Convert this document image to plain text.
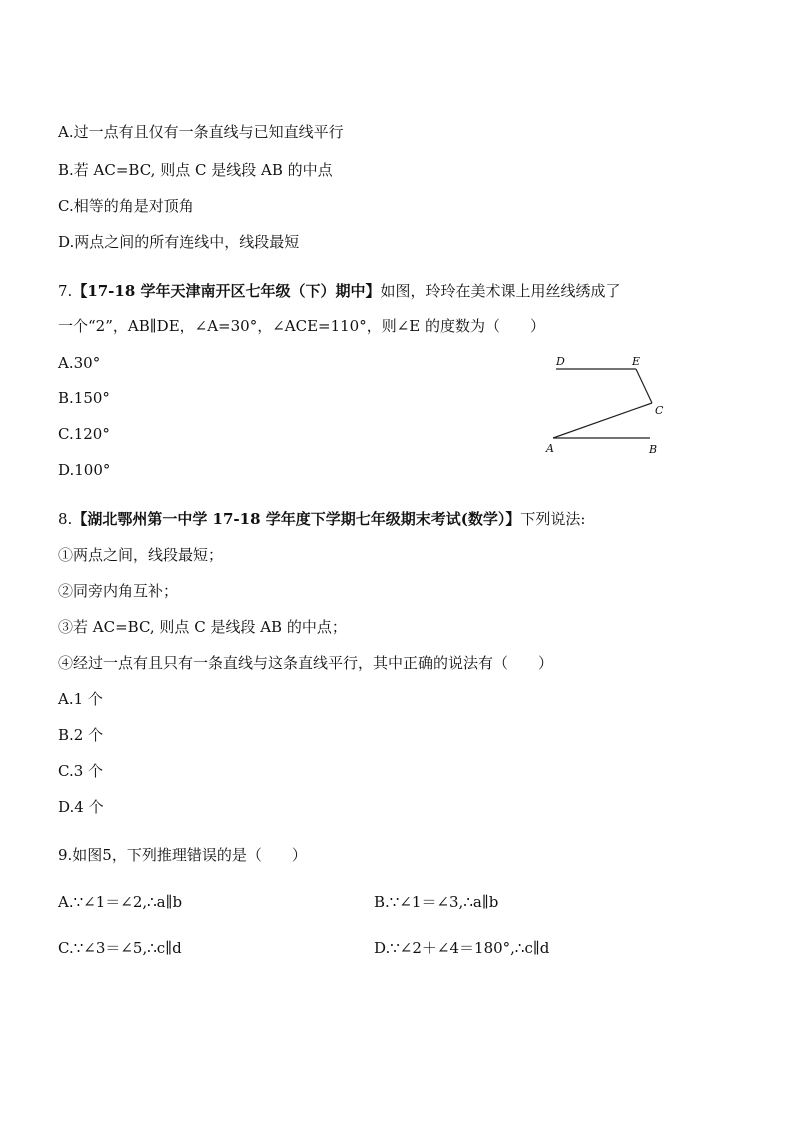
A.过一点有且仅有一条直线与已知直线平行
B.若 AC=BC, 则点 C 是线段 AB 的中点
C.相等的角是对顶角
D.两点之间的所有连线中，线段最短
7.【17-18 学年天津南开区七年级（下）期中】如图，玲玲在美术课上用丝线绣成了
一个“2”，AB∥DE，∠A=30°，∠ACE=110°，则∠E 的度数为（　　）
A.30°
B.150°
C.120°
D.100°
D	E
C
A	B
8.【湖北鄂州第一中学 17-18 学年度下学期七年级期末考试(数学）】下列说法:
①两点之间，线段最短；
②同旁内角互补；
③若 AC=BC, 则点 C 是线段 AB 的中点；
④经过一点有且只有一条直线与这条直线平行，其中正确的说法有（　　）
A.1 个
B.2 个
C.3 个
D.4 个
9.如图5，下列推理错误的是（　　）
A.∵∠1＝∠2,∴a∥b	B.∵∠1＝∠3,∴a∥b
C.∵∠3＝∠5,∴c∥d	D.∵∠2＋∠4＝180°,∴c∥d
